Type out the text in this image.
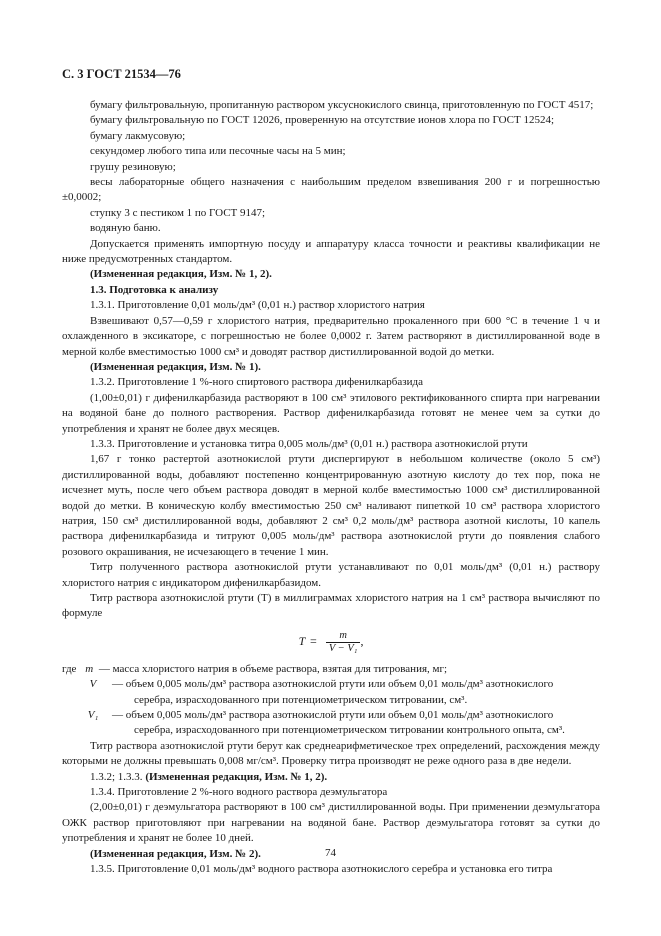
С. 3 ГОСТ 21534—76

бумагу фильтровальную, пропитанную раствором уксуснокислого свинца, приготовленную по ГОСТ 4517;

бумагу фильтровальную по ГОСТ 12026, проверенную на отсутствие ионов хлора по ГОСТ 12524;

бумагу лакмусовую;

секундомер любого типа или песочные часы на 5 мин;

грушу резиновую;

весы лабораторные общего назначения с наибольшим пределом взвешивания 200 г и погрешностью ±0,0002;

ступку 3 с пестиком 1 по ГОСТ 9147;

водяную баню.

Допускается применять импортную посуду и аппаратуру класса точности и реактивы квалификации не ниже предусмотренных стандартом.

(Измененная редакция, Изм. № 1, 2).

1.3. Подготовка к анализу

1.3.1. Приготовление 0,01 моль/дм³ (0,01 н.) раствор хлористого натрия

Взвешивают 0,57—0,59 г хлористого натрия, предварительно прокаленного при 600 °С в течение 1 ч и охлажденного в эксикаторе, с погрешностью не более 0,0002 г. Затем растворяют в дистиллированной воде в мерной колбе вместимостью 1000 см³ и доводят раствор дистиллированной водой до метки.

(Измененная редакция, Изм. № 1).

1.3.2. Приготовление 1 %-ного спиртового раствора дифенилкарбазида

(1,00±0,01) г дифенилкарбазида растворяют в 100 см³ этилового ректификованного спирта при нагревании на водяной бане до полного растворения. Раствор дифенилкарбазида готовят не менее чем за сутки до употребления и хранят не более двух месяцев.

1.3.3. Приготовление и установка титра 0,005 моль/дм³ (0,01 н.) раствора азотнокислой ртути

1,67 г тонко растертой азотнокислой ртути диспергируют в небольшом количестве (около 5 см³) дистиллированной воды, добавляют постепенно концентрированную азотную кислоту до тех пор, пока не исчезнет муть, после чего объем раствора доводят в мерной колбе вместимостью 1000 см³ дистиллированной водой до метки. В коническую колбу вместимостью 250 см³ наливают пипеткой 10 см³ раствора хлористого натрия, 150 см³ дистиллированной воды, добавляют 2 см³ 0,2 моль/дм³ раствора азотной кислоты, 10 капель раствора дифенилкарбазида и титруют 0,005 моль/дм³ раствора азотнокислой ртути до появления слабого розового окрашивания, не исчезающего в течение 1 мин.

Титр полученного раствора азотнокислой ртути устанавливают по 0,01 моль/дм³ (0,01 н.) раствору хлористого натрия с индикатором дифенилкарбазидом.

Титр раствора азотнокислой ртути (T) в миллиграммах хлористого натрия на 1 см³ раствора вычисляют по формуле

$T = \frac{m}{\text{V − V₁}}$ ,
где m — масса хлористого натрия в объеме раствора, взятая для титрования, мг;
V	— объем 0,005 моль/дм³ раствора азотнокислой ртути или объем 0,01 моль/дм³ азотнокислого
серебра, израсходованного при потенциометрическом титровании, см³.
V₁	— объем 0,005 моль/дм³ раствора азотнокислой ртути или объем 0,01 моль/дм³ азотнокислого
серебра, израсходованного при потенциометрическом титровании контрольного опыта, см³.

Титр раствора азотнокислой ртути берут как среднеарифметическое трех определений, расхождения между которыми не должны превышать 0,008 мг/см³. Проверку титра производят не реже одного раза в две недели.

1.3.2; 1.3.3. (Измененная редакция, Изм. № 1, 2).

1.3.4. Приготовление 2 %-ного водного раствора деэмульгатора

(2,00±0,01) г деэмульгатора растворяют в 100 см³ дистиллированной воды. При применении деэмульгатора ОЖК раствор приготовляют при нагревании на водяной бане. Раствор деэмульгатора готовят за сутки до употребления и хранят не более 10 дней.

(Измененная редакция, Изм. № 2).

1.3.5. Приготовление 0,01 моль/дм³ водного раствора азотнокислого серебра и установка его титра

74
